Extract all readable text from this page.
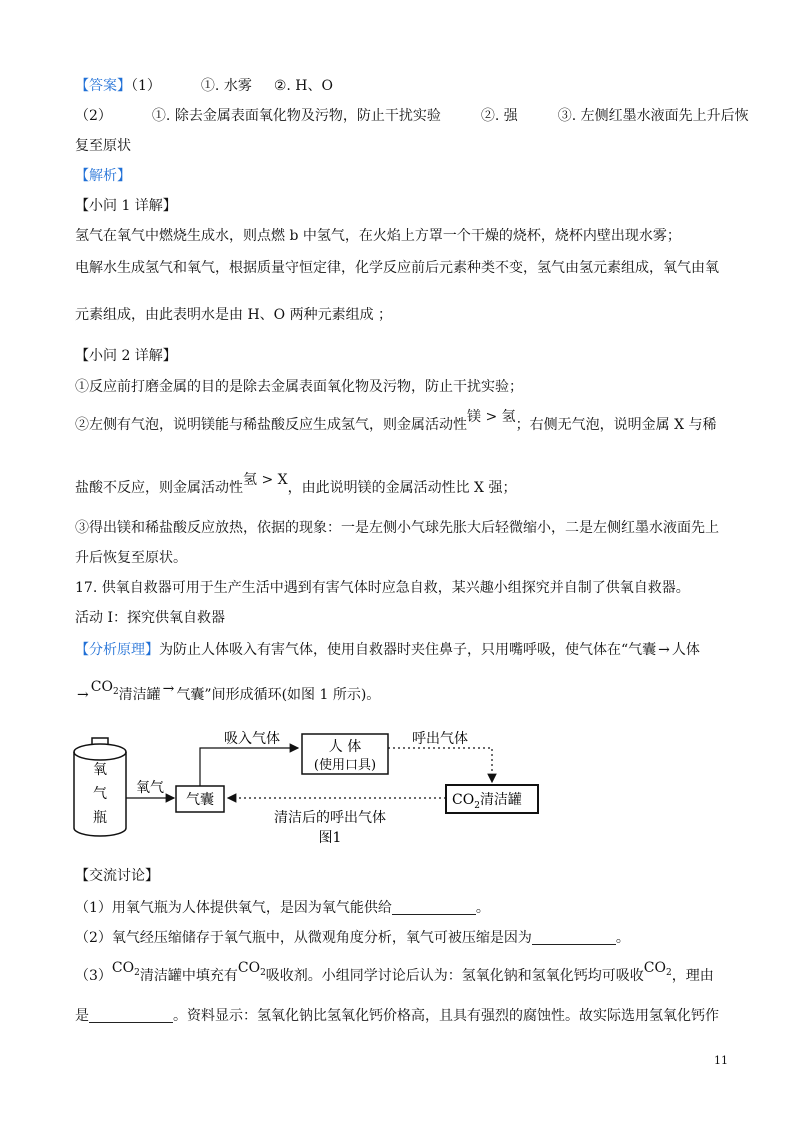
【答案】（1）	①. 水雾 ②. H、O
（2）	①. 除去金属表面氧化物及污物，防止干扰实验	②. 强	③. 左侧红墨水液面先上升后恢
复至原状
【解析】
【小问 1 详解】
氢气在氧气中燃烧生成水，则点燃 b 中氢气，在火焰上方罩一个干燥的烧杯，烧杯内壁出现水雾；
电解水生成氢气和氧气，根据质量守恒定律，化学反应前后元素种类不变，氢气由氢元素组成，氧气由氧
元素组成，由此表明水是由 H、O 两种元素组成 ；
【小问 2 详解】
①反应前打磨金属的目的是除去金属表面氧化物及污物，防止干扰实验；
②左侧有气泡，说明镁能与稀盐酸反应生成氢气，则金属活动性镁 > 氢；右侧无气泡，说明金属 X 与稀
盐酸不反应，则金属活动性氢 > X，由此说明镁的金属活动性比 X 强；
③得出镁和稀盐酸反应放热，依据的现象：一是左侧小气球先胀大后轻微缩小，二是左侧红墨水液面先上
升后恢复至原状。
17. 供氧自救器可用于生产生活中遇到有害气体时应急自救，某兴趣小组探究并自制了供氧自救器。
活动 I：探究供氧自救器
【分析原理】为防止人体吸入有害气体，使用自救器时夹住鼻子，只用嘴呼吸，使气体在“气囊 → 人体
→ $CO_2$清洁罐 → 气囊”间形成循环(如图 1 所示)。
氧
气
瓶
氧气
气囊
吸入气体	人 体
(使用口具)
呼出气体
$CO_2$清洁罐
清洁后的呼出气体
图1
【交流讨论】
（1）用氧气瓶为人体提供氧气，是因为氧气能供给	。
（2）氧气经压缩储存于氧气瓶中，从微观角度分析，氧气可被压缩是因为	。
$(3)CO_2$清洁罐中填充有$CO_2$吸收剂。小组同学讨论后认为：氢氧化钠和氢氧化钙均可吸收$CO_2$，理由
是	。资料显示：氢氧化钠比氢氧化钙价格高，且具有强烈的腐蚀性。故实际选用氢氧化钙作
11
